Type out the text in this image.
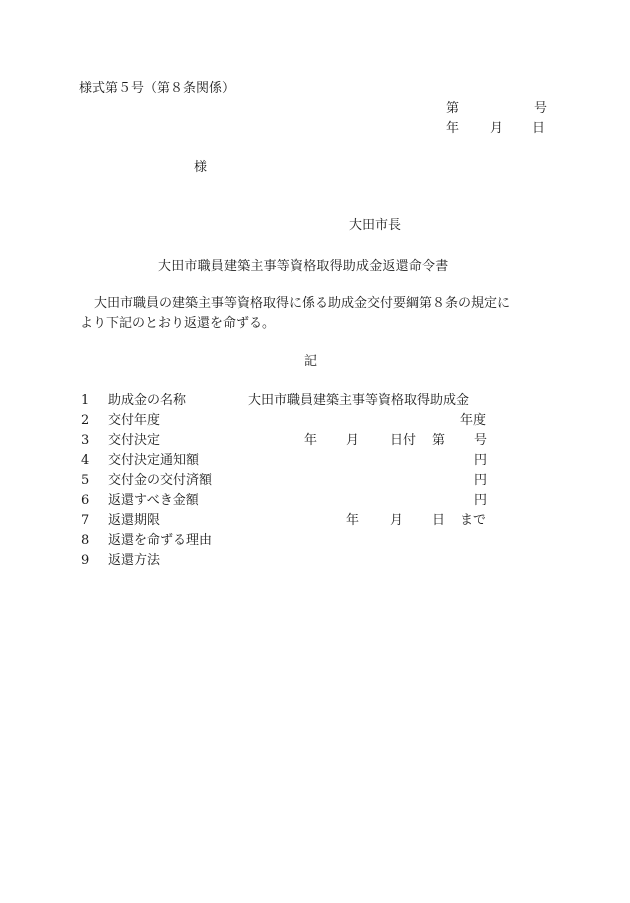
様式第５号（第８条関係）
第	号
年 月 日
様
大田市長
大田市職員建築主事等資格取得助成金返還命令書
大田市職員の建築主事等資格取得に係る助成金交付要綱第８条の規定に
より下記のとおり返還を命ずる。
記
1 助成金の名称	大田市職員建築主事等資格取得助成金
2 交付年度	年度
3 交付決定	年 月 日付 第 号
4 交付決定通知額	円
5 交付金の交付済額	円
6 返還すべき金額	円
7 返還期限	年 月 日 まで
8 返還を命ずる理由
9 返還方法
